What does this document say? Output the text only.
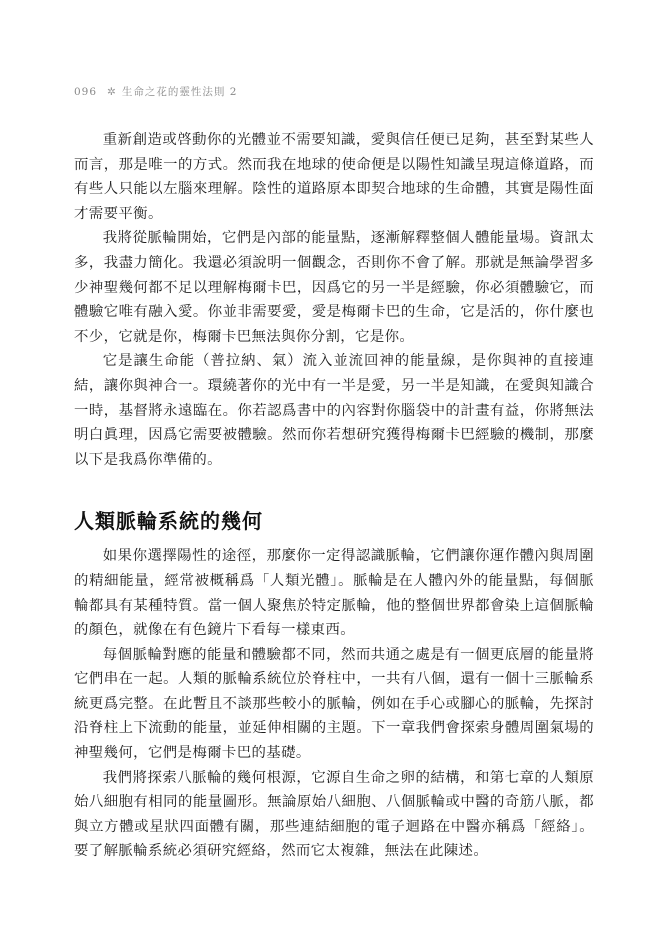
096 ✲ 生命之花的靈性法則 2

重新創造或啓動你的光體並不需要知識，愛與信任便已足夠，甚至對某些人而言，那是唯一的方式。然而我在地球的使命便是以陽性知識呈現這條道路，而有些人只能以左腦來理解。陰性的道路原本即契合地球的生命體，其實是陽性面才需要平衡。

我將從脈輪開始，它們是內部的能量點，逐漸解釋整個人體能量場。資訊太多，我盡力簡化。我還必須說明一個觀念，否則你不會了解。那就是無論學習多少神聖幾何都不足以理解梅爾卡巴，因爲它的另一半是經驗，你必須體驗它，而體驗它唯有融入愛。你並非需要愛，愛是梅爾卡巴的生命，它是活的，你什麼也不少，它就是你，梅爾卡巴無法與你分割，它是你。

它是讓生命能（普拉納、氣）流入並流回神的能量線，是你與神的直接連結，讓你與神合一。環繞著你的光中有一半是愛，另一半是知識，在愛與知識合一時，基督將永遠臨在。你若認爲書中的內容對你腦袋中的計畫有益，你將無法明白眞理，因爲它需要被體驗。然而你若想研究獲得梅爾卡巴經驗的機制，那麼以下是我爲你準備的。

人類脈輪系統的幾何

如果你選擇陽性的途徑，那麼你一定得認識脈輪，它們讓你運作體內與周圍的精細能量，經常被概稱爲「人類光體」。脈輪是在人體內外的能量點，每個脈輪都具有某種特質。當一個人聚焦於特定脈輪，他的整個世界都會染上這個脈輪的顏色，就像在有色鏡片下看每一樣東西。

每個脈輪對應的能量和體驗都不同，然而共通之處是有一個更底層的能量將它們串在一起。人類的脈輪系統位於脊柱中，一共有八個，還有一個十三脈輪系統更爲完整。在此暫且不談那些較小的脈輪，例如在手心或腳心的脈輪，先探討沿脊柱上下流動的能量，並延伸相關的主題。下一章我們會探索身體周圍氣場的神聖幾何，它們是梅爾卡巴的基礎。

我們將探索八脈輪的幾何根源，它源自生命之卵的結構，和第七章的人類原始八細胞有相同的能量圖形。無論原始八細胞、八個脈輪或中醫的奇筋八脈，都與立方體或星狀四面體有關，那些連結細胞的電子迴路在中醫亦稱爲「經絡」。要了解脈輪系統必須研究經絡，然而它太複雜，無法在此陳述。
